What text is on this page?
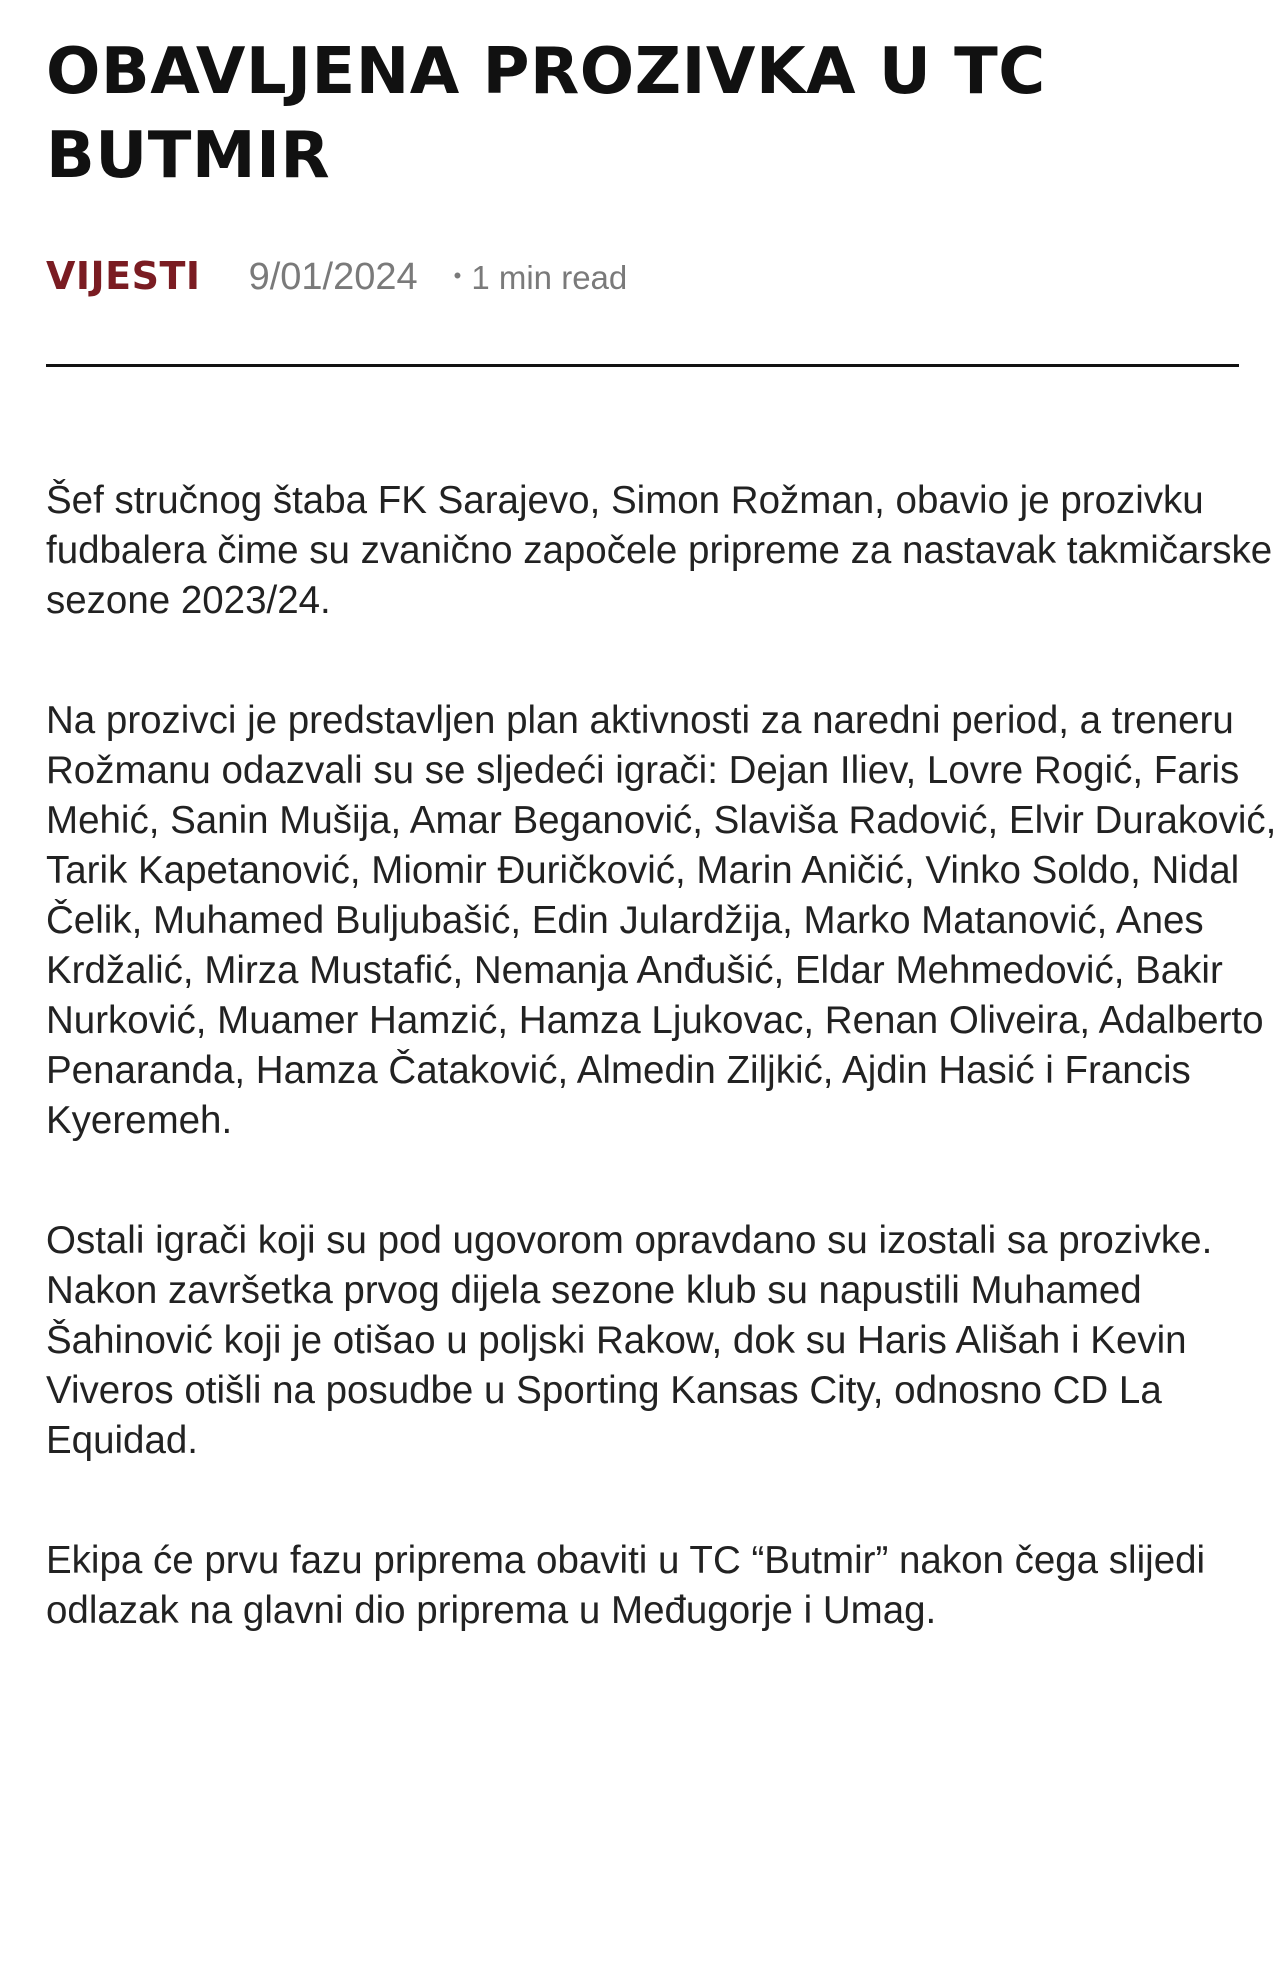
OBAVLJENA PROZIVKA U TC BUTMIR
VIJESTI 9/01/2024 • 1 min read

Šef stručnog štaba FK Sarajevo, Simon Rožman, obavio je prozivku fudbalera čime su zvanično započele pripreme za nastavak takmičarske sezone 2023/24.

Na prozivci je predstavljen plan aktivnosti za naredni period, a treneru Rožmanu odazvali su se sljedeći igrači: Dejan Iliev, Lovre Rogić, Faris Mehić, Sanin Mušija, Amar Beganović, Slaviša Radović, Elvir Duraković, Tarik Kapetanović, Miomir Đuričković, Marin Aničić, Vinko Soldo, Nidal Čelik, Muhamed Buljubašić, Edin Julardžija, Marko Matanović, Anes Krdžalić, Mirza Mustafić, Nemanja Anđušić, Eldar Mehmedović, Bakir Nurković, Muamer Hamzić, Hamza Ljukovac, Renan Oliveira, Adalberto Penaranda, Hamza Čataković, Almedin Ziljkić, Ajdin Hasić i Francis Kyeremeh.

Ostali igrači koji su pod ugovorom opravdano su izostali sa prozivke. Nakon završetka prvog dijela sezone klub su napustili Muhamed Šahinović koji je otišao u poljski Rakow, dok su Haris Ališah i Kevin Viveros otišli na posudbe u Sporting Kansas City, odnosno CD La Equidad.

Ekipa će prvu fazu priprema obaviti u TC “Butmir” nakon čega slijedi odlazak na glavni dio priprema u Međugorje i Umag.
